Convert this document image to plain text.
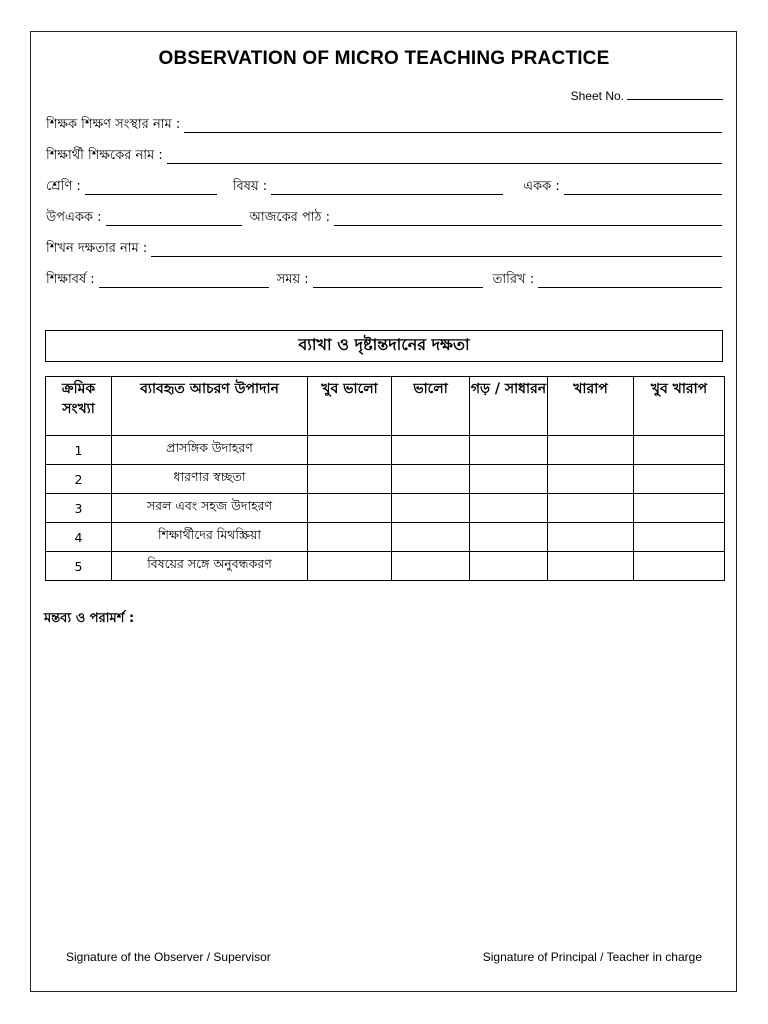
OBSERVATION OF MICRO TEACHING PRACTICE
Sheet No.
শিক্ষক শিক্ষণ সংস্থার নাম :
শিক্ষার্থী শিক্ষকের নাম :
শ্রেণি :	বিষয় :	একক :
উপএকক :	আজকের পাঠ :
শিখন দক্ষতার নাম :
শিক্ষাবর্ষ :	সময় :	তারিখ :
ব্যাখা ও দৃষ্টান্তদানের দক্ষতা
ক্রমিক সংখ্যা	ব্যাবহৃত আচরণ উপাদান	খুব ভালো	ভালো	গড় / সাধারন	খারাপ	খুব খারাপ
1	প্রাসঙ্গিক উদাহরণ					
2	ধারণার স্বচ্ছতা					
3	সরল এবং সহজ উদাহরণ					
4	শিক্ষার্থীদের মিথস্ক্রিয়া					
5	বিষয়ের সঙ্গে অনুবন্ধকরণ					
মন্তব্য ও পরামর্শ :
Signature of the Observer / Supervisor	Signature of Principal / Teacher in charge
